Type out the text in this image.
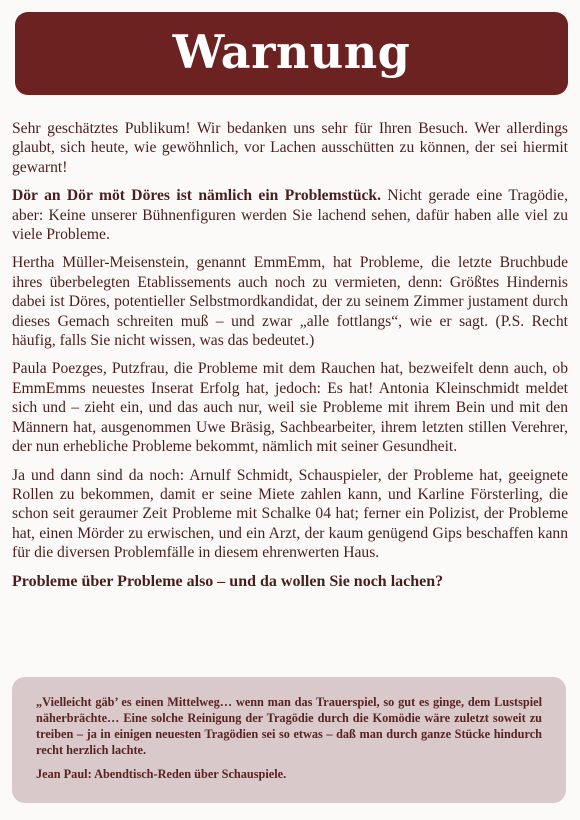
Warnung

Sehr geschätztes Publikum! Wir bedanken uns sehr für Ihren Besuch. Wer allerdings glaubt, sich heute, wie gewöhnlich, vor Lachen ausschütten zu können, der sei hiermit gewarnt!

Dör an Dör möt Döres ist nämlich ein Problemstück. Nicht gerade eine Tragödie, aber: Keine unserer Bühnenfiguren werden Sie lachend sehen, dafür haben alle viel zu viele Probleme.

Hertha Müller-Meisenstein, genannt EmmEmm, hat Probleme, die letzte Bruchbude ihres überbelegten Etablissements auch noch zu vermieten, denn: Größtes Hindernis dabei ist Döres, potentieller Selbstmordkandidat, der zu seinem Zimmer justament durch dieses Gemach schreiten muß – und zwar „alle fottlangs“, wie er sagt. (P.S. Recht häufig, falls Sie nicht wissen, was das bedeutet.)

Paula Poezges, Putzfrau, die Probleme mit dem Rauchen hat, bezweifelt denn auch, ob EmmEmms neuestes Inserat Erfolg hat, jedoch: Es hat! Antonia Kleinschmidt meldet sich und – zieht ein, und das auch nur, weil sie Probleme mit ihrem Bein und mit den Männern hat, ausgenommen Uwe Bräsig, Sachbearbeiter, ihrem letzten stillen Verehrer, der nun erhebliche Probleme bekommt, nämlich mit seiner Gesundheit.

Ja und dann sind da noch: Arnulf Schmidt, Schauspieler, der Probleme hat, geeignete Rollen zu bekommen, damit er seine Miete zahlen kann, und Karline Försterling, die schon seit geraumer Zeit Probleme mit Schalke 04 hat; ferner ein Polizist, der Probleme hat, einen Mörder zu erwischen, und ein Arzt, der kaum genügend Gips beschaffen kann für die diversen Problemfälle in diesem ehrenwerten Haus.

Probleme über Probleme also – und da wollen Sie noch lachen?

„Vielleicht gäb’ es einen Mittelweg… wenn man das Trauerspiel, so gut es ginge, dem Lustspiel näherbrächte… Eine solche Reinigung der Tragödie durch die Komödie wäre zuletzt soweit zu treiben – ja in einigen neuesten Tragödien sei so etwas – daß man durch ganze Stücke hindurch recht herzlich lachte.

Jean Paul: Abendtisch-Reden über Schauspiele.
